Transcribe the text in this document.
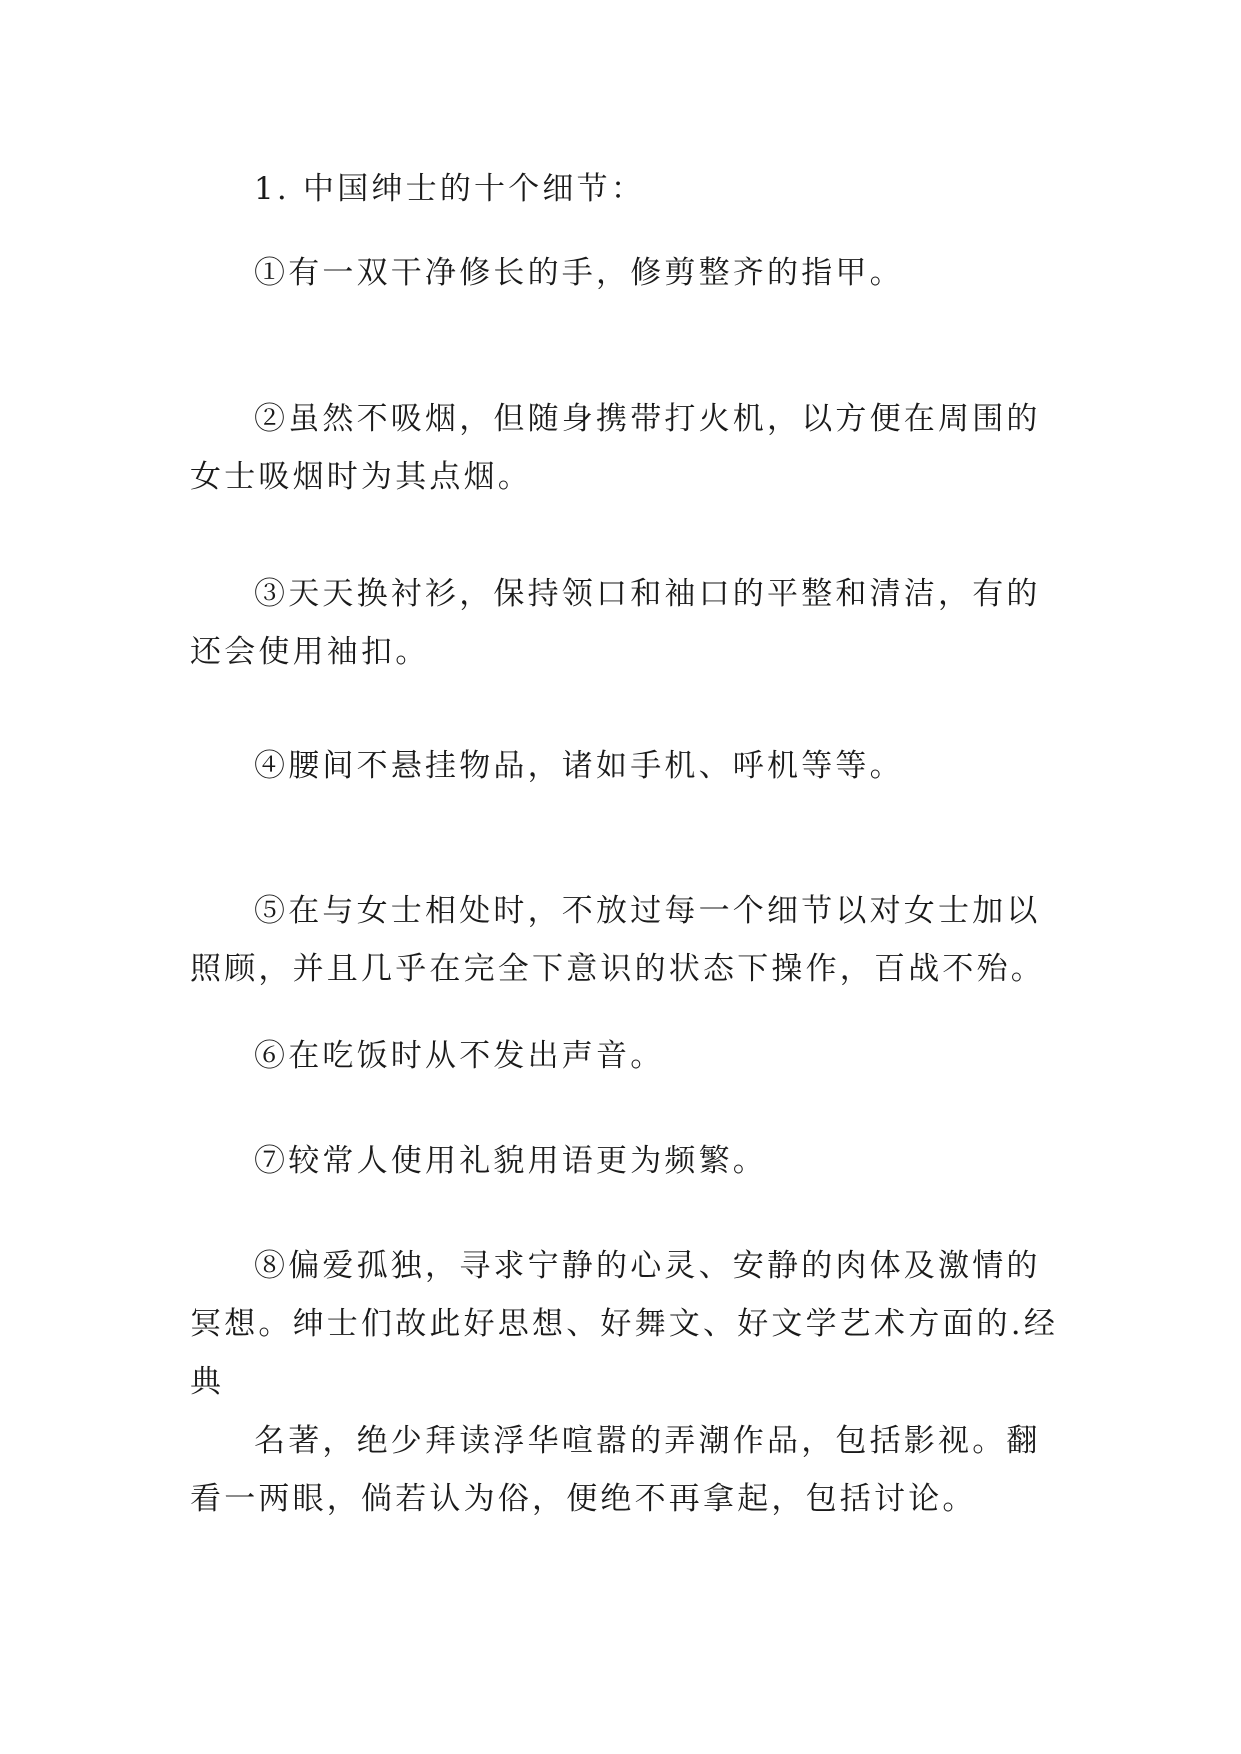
1. 中国绅士的十个细节：

①有一双干净修长的手，修剪整齐的指甲。

②虽然不吸烟，但随身携带打火机，以方便在周围的女士吸烟时为其点烟。

③天天换衬衫，保持领口和袖口的平整和清洁，有的还会使用袖扣。

④腰间不悬挂物品，诸如手机、呼机等等。

⑤在与女士相处时，不放过每一个细节以对女士加以照顾，并且几乎在完全下意识的状态下操作，百战不殆。

⑥在吃饭时从不发出声音。

⑦较常人使用礼貌用语更为频繁。

⑧偏爱孤独，寻求宁静的心灵、安静的肉体及激情的冥想。绅士们故此好思想、好舞文、好文学艺术方面的.经典

名著，绝少拜读浮华喧嚣的弄潮作品，包括影视。翻看一两眼，倘若认为俗，便绝不再拿起，包括讨论。
